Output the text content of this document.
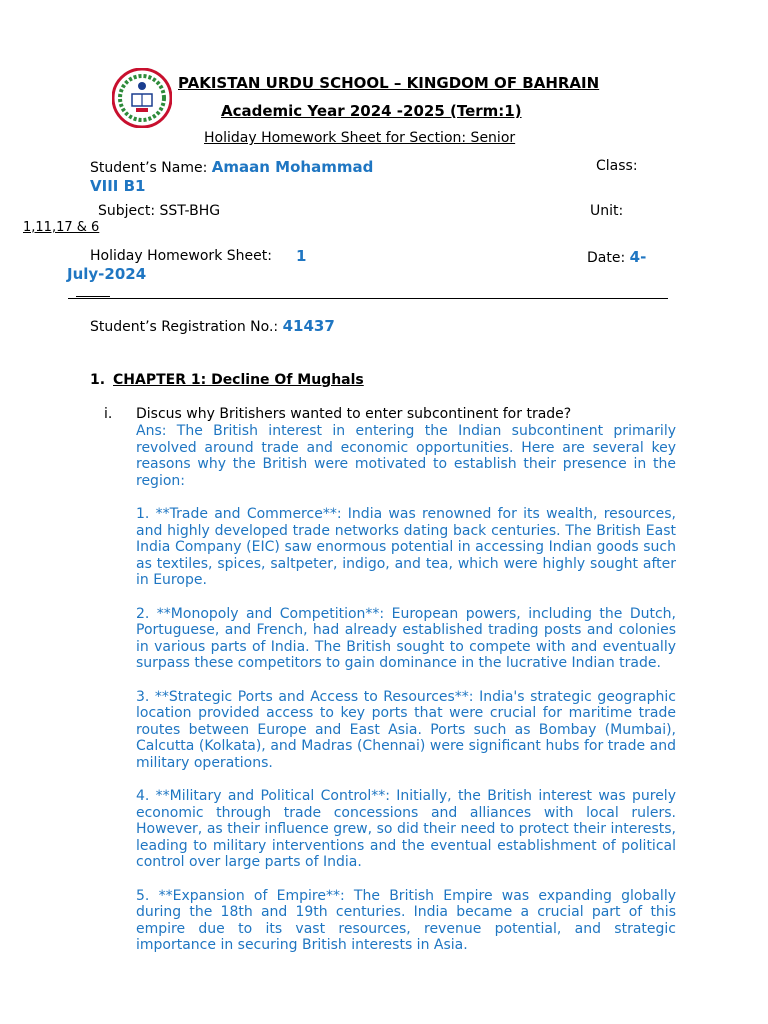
PAKISTAN URDU SCHOOL – KINGDOM OF BAHRAIN
Academic Year 2024 -2025 (Term:1)
Holiday Homework Sheet for Section: Senior
Student’s Name: Amaan Mohammad	Class:
VIII B1
Subject: SST-BHG	Unit:
1,11,17 & 6
Holiday Homework Sheet: 1	Date: 4-
July-2024
Student’s Registration No.: 41437
1. CHAPTER 1: Decline Of Mughals
i. Discus why Britishers wanted to enter subcontinent for trade?

Ans: The British interest in entering the Indian subcontinent primarily revolved around trade and economic opportunities. Here are several key reasons why the British were motivated to establish their presence in the region:

1. **Trade and Commerce**: India was renowned for its wealth, resources, and highly developed trade networks dating back centuries. The British East India Company (EIC) saw enormous potential in accessing Indian goods such as textiles, spices, saltpeter, indigo, and tea, which were highly sought after in Europe.

2. **Monopoly and Competition**: European powers, including the Dutch, Portuguese, and French, had already established trading posts and colonies in various parts of India. The British sought to compete with and eventually surpass these competitors to gain dominance in the lucrative Indian trade.

3. **Strategic Ports and Access to Resources**: India's strategic geographic location provided access to key ports that were crucial for maritime trade routes between Europe and East Asia. Ports such as Bombay (Mumbai), Calcutta (Kolkata), and Madras (Chennai) were significant hubs for trade and military operations.

4. **Military and Political Control**: Initially, the British interest was purely economic through trade concessions and alliances with local rulers. However, as their influence grew, so did their need to protect their interests, leading to military interventions and the eventual establishment of political control over large parts of India.

5. **Expansion of Empire**: The British Empire was expanding globally during the 18th and 19th centuries. India became a crucial part of this empire due to its vast resources, revenue potential, and strategic importance in securing British interests in Asia.
